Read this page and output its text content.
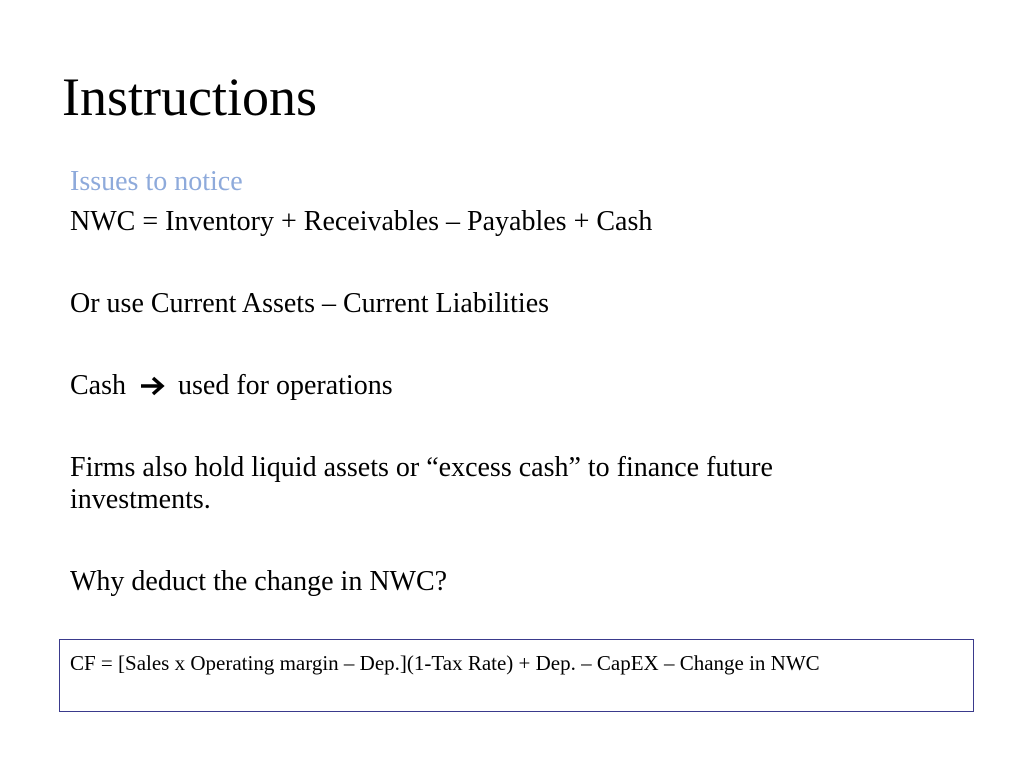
Instructions
Issues to notice
NWC = Inventory + Receivables – Payables + Cash
Or use Current Assets – Current Liabilities
Cash used for operations
Firms also hold liquid assets or “excess cash” to finance future investments.
Why deduct the change in NWC?
CF = [Sales x Operating margin – Dep.](1-Tax Rate) + Dep. – CapEX – Change in NWC
